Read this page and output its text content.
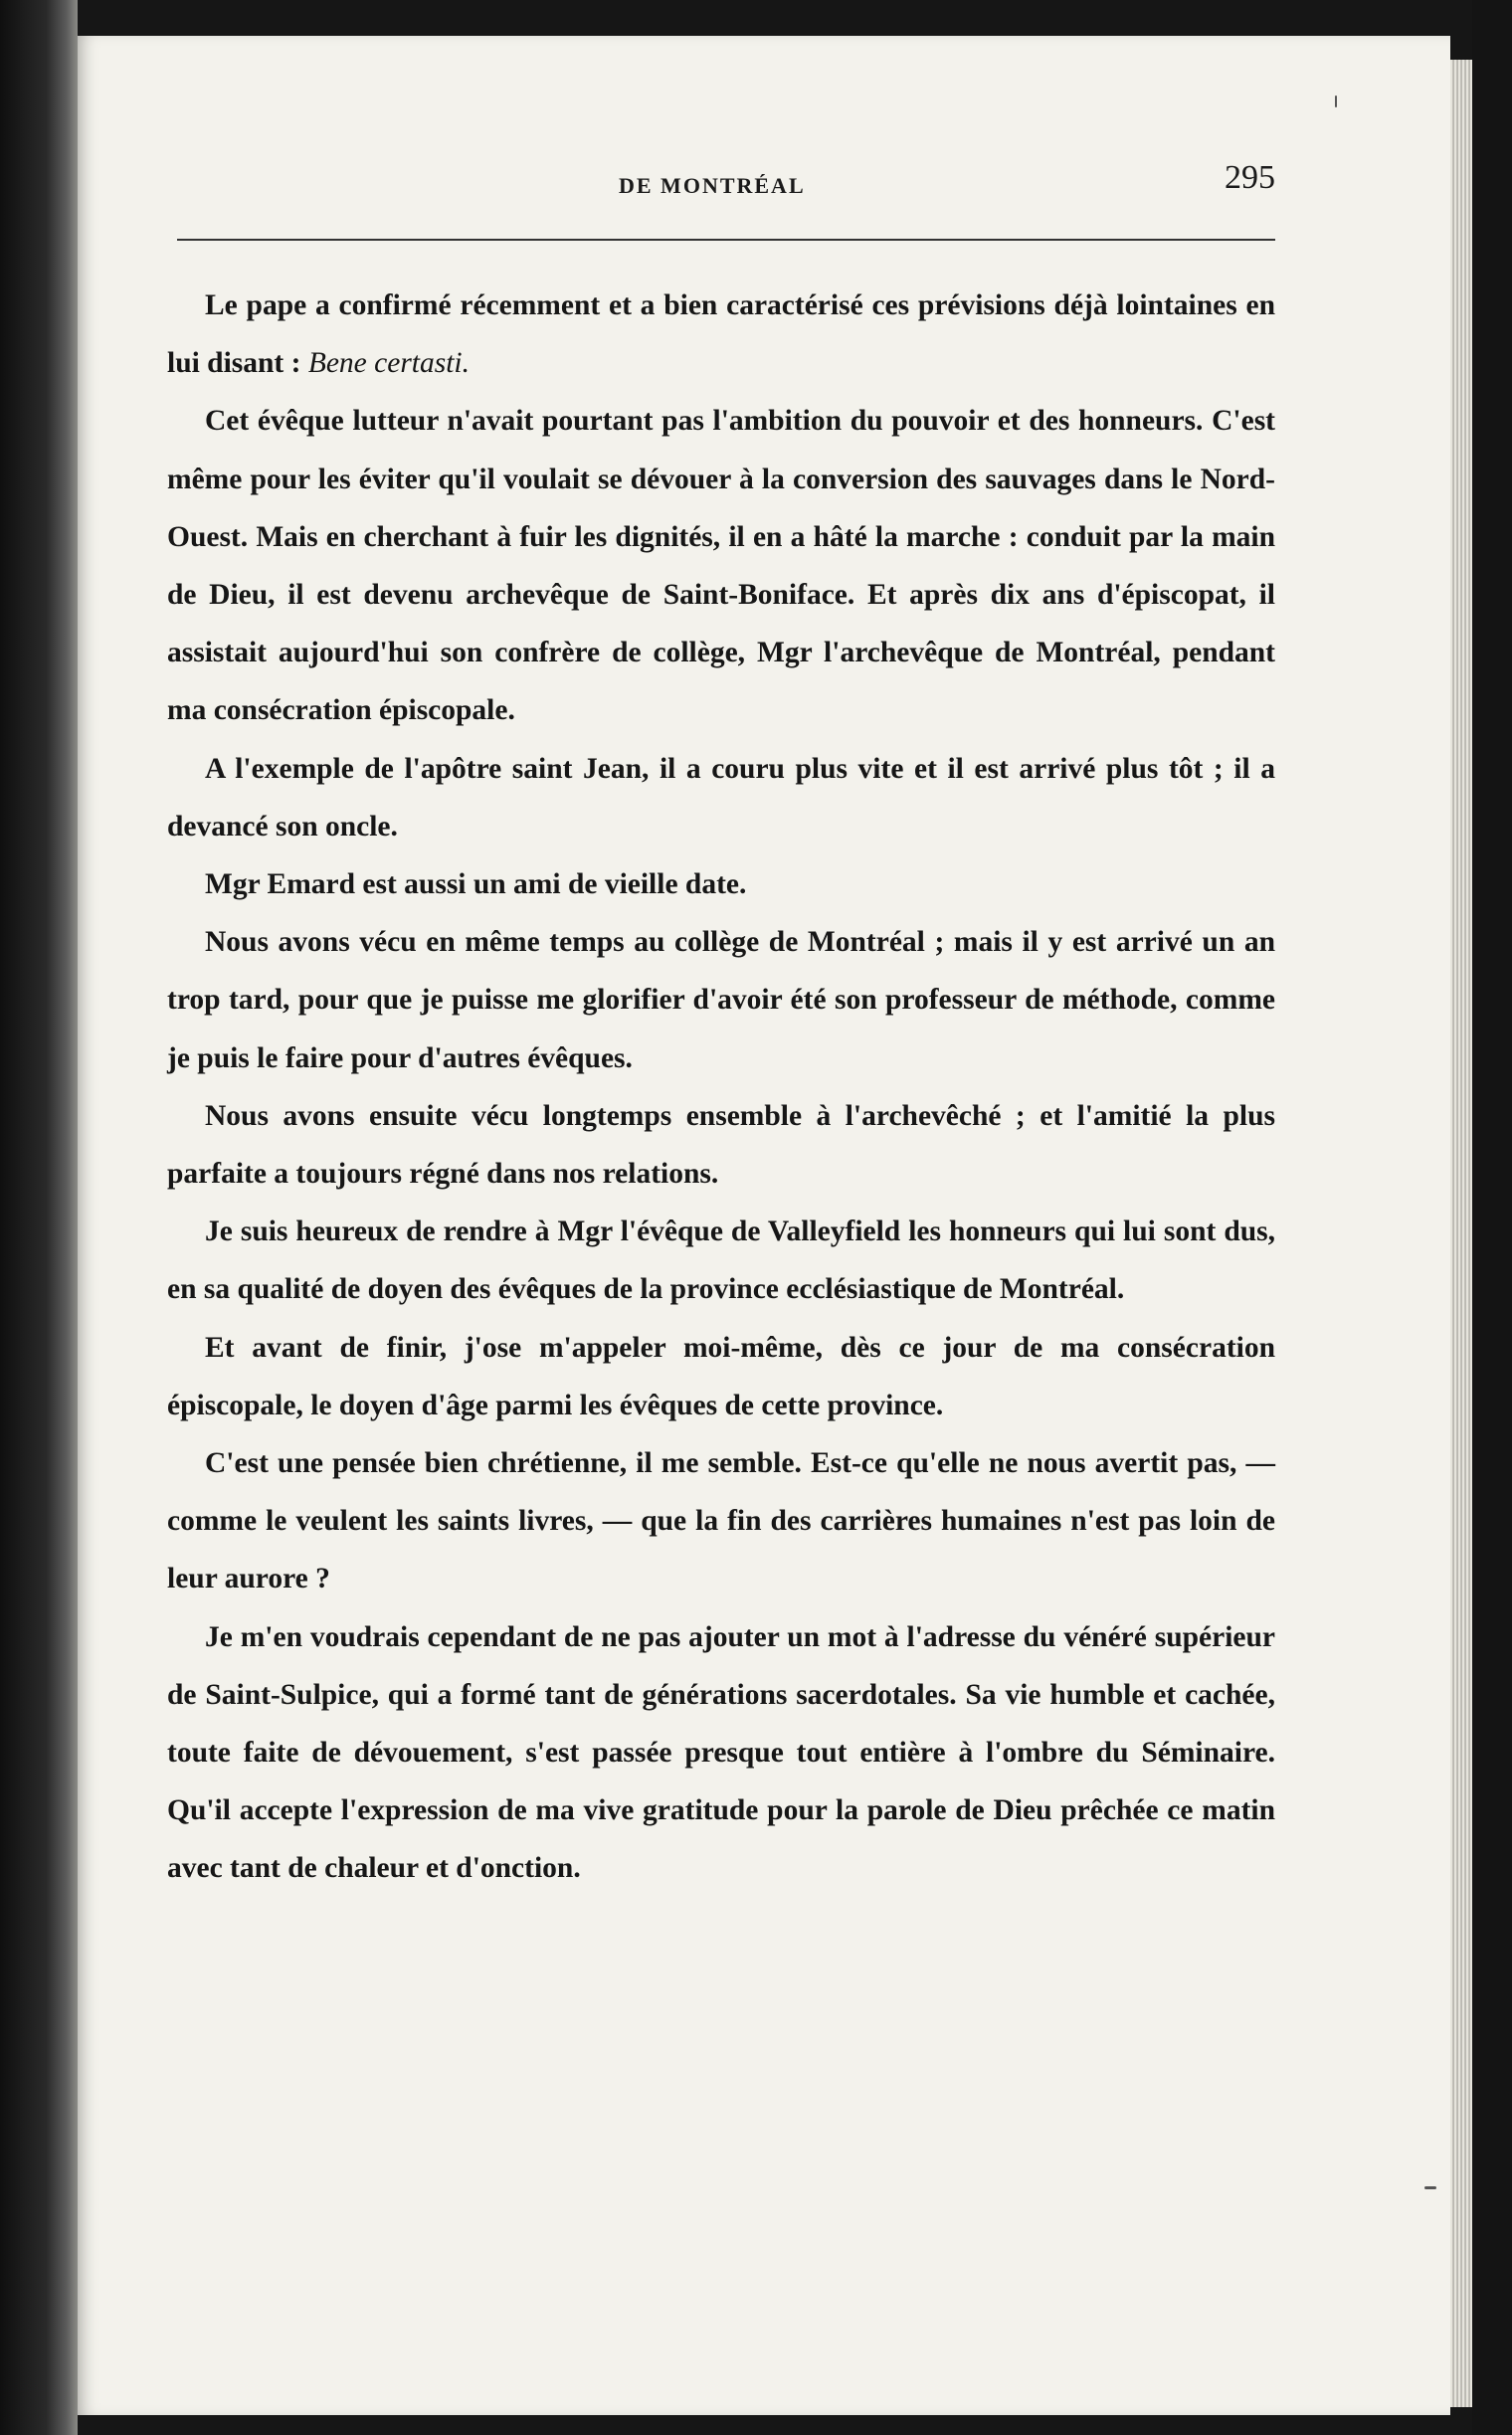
DE MONTRÉAL	295

Le pape a confirmé récemment et a bien caractérisé ces prévisions déjà lointaines en lui disant : Bene certasti.

Cet évêque lutteur n'avait pourtant pas l'ambition du pouvoir et des honneurs. C'est même pour les éviter qu'il voulait se dévouer à la conversion des sauvages dans le Nord-Ouest. Mais en cherchant à fuir les dignités, il en a hâté la marche : conduit par la main de Dieu, il est devenu archevêque de Saint-Boniface. Et après dix ans d'épiscopat, il assistait aujourd'hui son confrère de collège, Mgr l'archevêque de Montréal, pendant ma consécration épiscopale.

A l'exemple de l'apôtre saint Jean, il a couru plus vite et il est arrivé plus tôt ; il a devancé son oncle.

Mgr Emard est aussi un ami de vieille date.

Nous avons vécu en même temps au collège de Montréal ; mais il y est arrivé un an trop tard, pour que je puisse me glorifier d'avoir été son professeur de méthode, comme je puis le faire pour d'autres évêques.

Nous avons ensuite vécu longtemps ensemble à l'archevêché ; et l'amitié la plus parfaite a toujours régné dans nos relations.

Je suis heureux de rendre à Mgr l'évêque de Valleyfield les honneurs qui lui sont dus, en sa qualité de doyen des évêques de la province ecclésiastique de Montréal.

Et avant de finir, j'ose m'appeler moi-même, dès ce jour de ma consécration épiscopale, le doyen d'âge parmi les évêques de cette province.

C'est une pensée bien chrétienne, il me semble. Est-ce qu'elle ne nous avertit pas, — comme le veulent les saints livres, — que la fin des carrières humaines n'est pas loin de leur aurore ?

Je m'en voudrais cependant de ne pas ajouter un mot à l'adresse du vénéré supérieur de Saint-Sulpice, qui a formé tant de générations sacerdotales. Sa vie humble et cachée, toute faite de dévouement, s'est passée presque tout entière à l'ombre du Séminaire. Qu'il accepte l'expression de ma vive gratitude pour la parole de Dieu prêchée ce matin avec tant de chaleur et d'onction.
